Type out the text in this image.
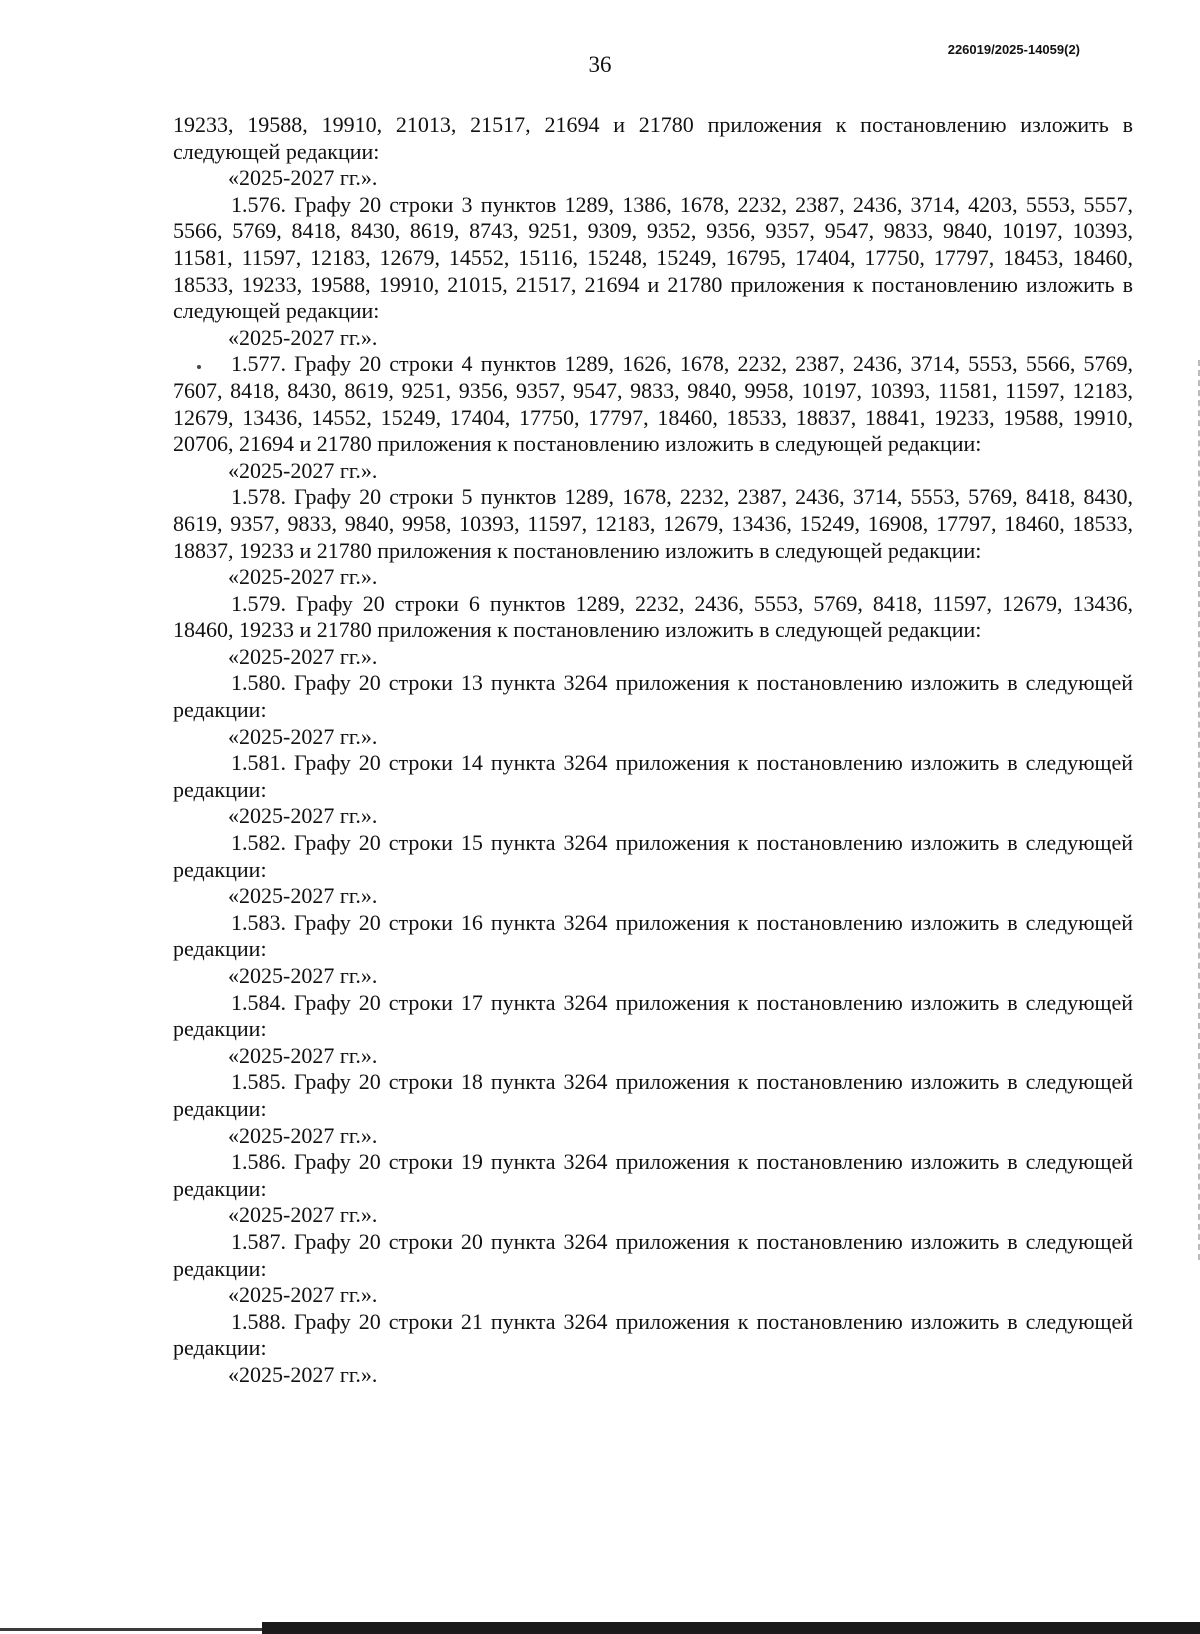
36
226019/2025-14059(2)

19233, 19588, 19910, 21013, 21517, 21694 и 21780 приложения к постановлению изложить в следующей редакции:

«2025-2027 гг.».

1.576. Графу 20 строки 3 пунктов 1289, 1386, 1678, 2232, 2387, 2436, 3714, 4203, 5553, 5557, 5566, 5769, 8418, 8430, 8619, 8743, 9251, 9309, 9352, 9356, 9357, 9547, 9833, 9840, 10197, 10393, 11581, 11597, 12183, 12679, 14552, 15116, 15248, 15249, 16795, 17404, 17750, 17797, 18453, 18460, 18533, 19233, 19588, 19910, 21015, 21517, 21694 и 21780 приложения к постановлению изложить в следующей редакции:

«2025-2027 гг.».

1.577. Графу 20 строки 4 пунктов 1289, 1626, 1678, 2232, 2387, 2436, 3714, 5553, 5566, 5769, 7607, 8418, 8430, 8619, 9251, 9356, 9357, 9547, 9833, 9840, 9958, 10197, 10393, 11581, 11597, 12183, 12679, 13436, 14552, 15249, 17404, 17750, 17797, 18460, 18533, 18837, 18841, 19233, 19588, 19910, 20706, 21694 и 21780 приложения к постановлению изложить в следующей редакции:

«2025-2027 гг.».

1.578. Графу 20 строки 5 пунктов 1289, 1678, 2232, 2387, 2436, 3714, 5553, 5769, 8418, 8430, 8619, 9357, 9833, 9840, 9958, 10393, 11597, 12183, 12679, 13436, 15249, 16908, 17797, 18460, 18533, 18837, 19233 и 21780 приложения к постановлению изложить в следующей редакции:

«2025-2027 гг.».

1.579. Графу 20 строки 6 пунктов 1289, 2232, 2436, 5553, 5769, 8418, 11597, 12679, 13436, 18460, 19233 и 21780 приложения к постановлению изложить в следующей редакции:

«2025-2027 гг.».

1.580. Графу 20 строки 13 пункта 3264 приложения к постановлению изложить в следующей редакции:

«2025-2027 гг.».

1.581. Графу 20 строки 14 пункта 3264 приложения к постановлению изложить в следующей редакции:

«2025-2027 гг.».

1.582. Графу 20 строки 15 пункта 3264 приложения к постановлению изложить в следующей редакции:

«2025-2027 гг.».

1.583. Графу 20 строки 16 пункта 3264 приложения к постановлению изложить в следующей редакции:

«2025-2027 гг.».

1.584. Графу 20 строки 17 пункта 3264 приложения к постановлению изложить в следующей редакции:

«2025-2027 гг.».

1.585. Графу 20 строки 18 пункта 3264 приложения к постановлению изложить в следующей редакции:

«2025-2027 гг.».

1.586. Графу 20 строки 19 пункта 3264 приложения к постановлению изложить в следующей редакции:

«2025-2027 гг.».

1.587. Графу 20 строки 20 пункта 3264 приложения к постановлению изложить в следующей редакции:

«2025-2027 гг.».

1.588. Графу 20 строки 21 пункта 3264 приложения к постановлению изложить в следующей редакции:

«2025-2027 гг.».
